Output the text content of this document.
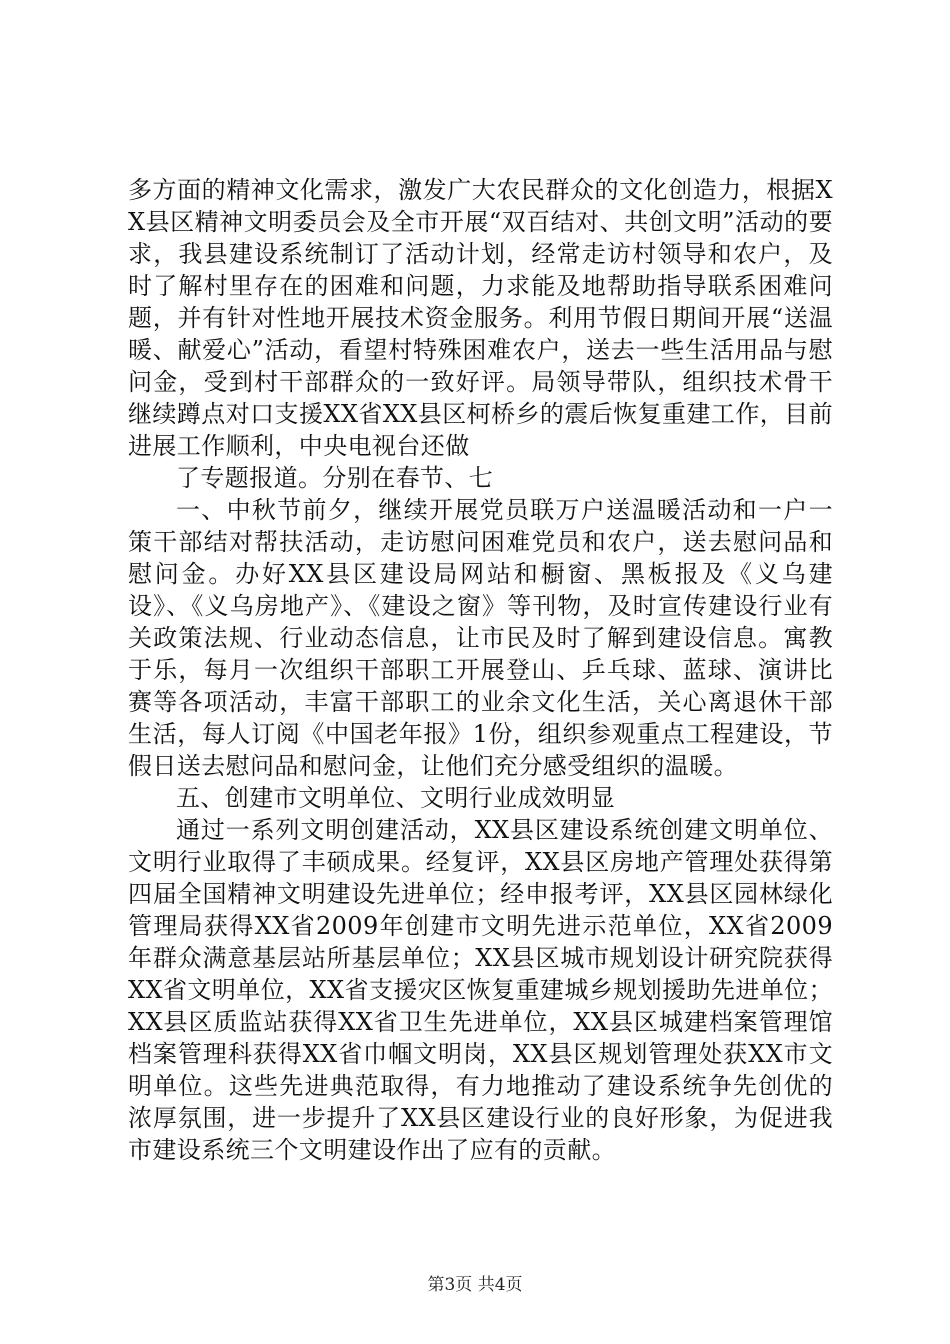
多方面的精神文化需求，激发广大农民群众的文化创造力，根据XX县区精神文明委员会及全市开展“双百结对、共创文明”活动的要求，我县建设系统制订了活动计划，经常走访村领导和农户，及时了解村里存在的困难和问题，力求能及地帮助指导联系困难问题，并有针对性地开展技术资金服务。利用节假日期间开展“送温暖、献爱心”活动，看望村特殊困难农户，送去一些生活用品与慰问金，受到村干部群众的一致好评。局领导带队，组织技术骨干继续蹲点对口支援XX省XX县区柯桥乡的震后恢复重建工作，目前进展工作顺利，中央电视台还做

了专题报道。分别在春节、七

一、中秋节前夕，继续开展党员联万户送温暖活动和一户一策干部结对帮扶活动，走访慰问困难党员和农户，送去慰问品和慰问金。办好XX县区建设局网站和橱窗、黑板报及《义乌建设》、《义乌房地产》、《建设之窗》等刊物，及时宣传建设行业有关政策法规、行业动态信息，让市民及时了解到建设信息。寓教于乐，每月一次组织干部职工开展登山、乒乓球、蓝球、演讲比赛等各项活动，丰富干部职工的业余文化生活，关心离退休干部生活，每人订阅《中国老年报》1份，组织参观重点工程建设，节假日送去慰问品和慰问金，让他们充分感受组织的温暖。

五、创建市文明单位、文明行业成效明显

通过一系列文明创建活动，XX县区建设系统创建文明单位、文明行业取得了丰硕成果。经复评，XX县区房地产管理处获得第四届全国精神文明建设先进单位；经申报考评，XX县区园林绿化管理局获得XX省2009年创建市文明先进示范单位，XX省2009年群众满意基层站所基层单位；XX县区城市规划设计研究院获得XX省文明单位，XX省支援灾区恢复重建城乡规划援助先进单位；XX县区质监站获得XX省卫生先进单位，XX县区城建档案管理馆档案管理科获得XX省巾帼文明岗，XX县区规划管理处获XX市文明单位。这些先进典范取得，有力地推动了建设系统争先创优的浓厚氛围，进一步提升了XX县区建设行业的良好形象，为促进我市建设系统三个文明建设作出了应有的贡献。

第3页 共4页
